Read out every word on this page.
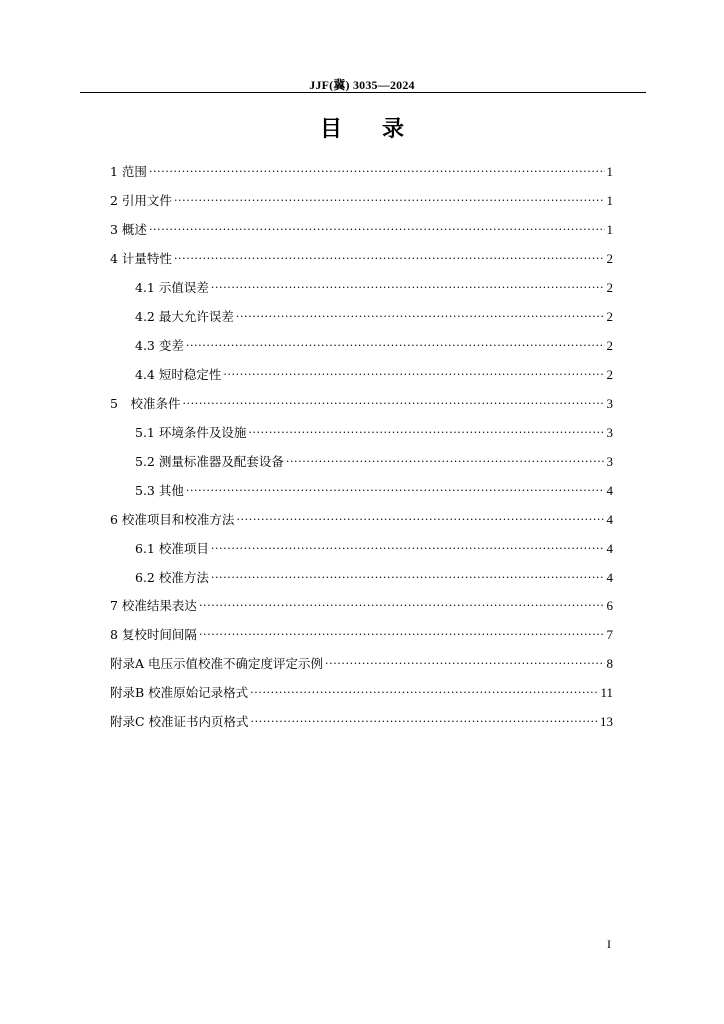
JJF(冀) 3035—2024
目录
1 范围 ·····	1
2 引用文件 ·····	1
3 概述 ·····	1
4 计量特性 ·····	2
4.1 示值误差 ·····	2
4.2 最大允许误差 ·····	2
4.3 变差 ·····	2
4.4 短时稳定性 ·····	2
5　校准条件 ·····	3
5.1 环境条件及设施 ·····	3
5.2 测量标准器及配套设备 ·····	3
5.3 其他 ·····	4
6 校准项目和校准方法 ·····	4
6.1 校准项目 ·····	4
6.2 校准方法 ·····	4
7 校准结果表达 ·····	6
8 复校时间间隔 ·····	7
附录A 电压示值校准不确定度评定示例 ·····	8
附录B 校准原始记录格式 ·····	11
附录C 校准证书内页格式 ·····	13
I
